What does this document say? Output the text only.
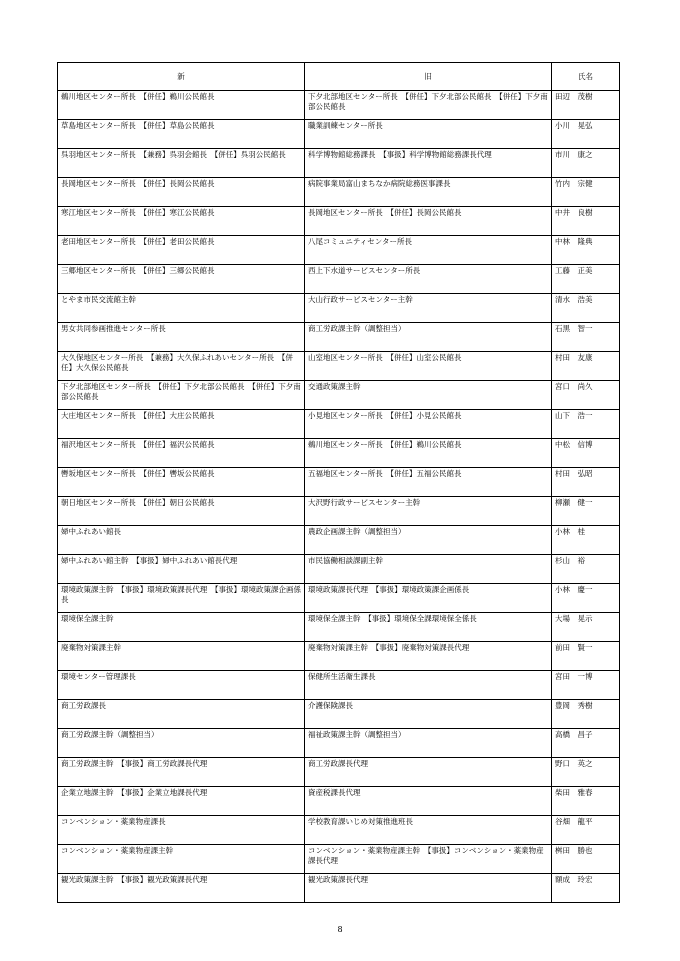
新	旧	氏名
鵜川地区センター所長　【併任】鵜川公民館長	下夕北部地区センター所長　【併任】下夕北部公民館長　【併任】下夕南部公民館長	田辺　茂樹
草島地区センター所長　【併任】草島公民館長	職業訓練センター所長	小川　晃弘
呉羽地区センター所長　【兼務】呉羽会館長　【併任】呉羽公民館長	科学博物館総務課長　【事扱】科学博物館総務課長代理	市川　康之
長岡地区センター所長　【併任】長岡公民館長	病院事業局富山まちなか病院総務医事課長	竹内　宗健
寒江地区センター所長　【併任】寒江公民館長	長岡地区センター所長　【併任】長岡公民館長	中井　良樹
老田地区センター所長　【併任】老田公民館長	八尾コミュニティセンター所長	中林　隆典
三郷地区センター所長　【併任】三郷公民館長	西上下水道サービスセンター所長	工藤　正美
とやま市民交流館主幹	大山行政サービスセンター主幹	清水　浩美
男女共同参画推進センター所長	商工労政課主幹（調整担当）	石黒　智一
大久保地区センター所長　【兼務】大久保ふれあいセンター所長　【併任】大久保公民館長	山室地区センター所長　【併任】山室公民館長	村田　友康
下夕北部地区センター所長　【併任】下夕北部公民館長　【併任】下夕南部公民館長	交通政策課主幹	宮口　尚久
大庄地区センター所長　【併任】大庄公民館長	小見地区センター所長　【併任】小見公民館長	山下　浩一
福沢地区センター所長　【併任】福沢公民館長	鵜川地区センター所長　【併任】鵜川公民館長	中松　信博
轡坂地区センター所長　【併任】轡坂公民館長	五福地区センター所長　【併任】五福公民館長	村田　弘昭
朝日地区センター所長　【併任】朝日公民館長	大沢野行政サービスセンター主幹	柳瀬　健一
婦中ふれあい館長	農政企画課主幹（調整担当）	小林　桂
婦中ふれあい館主幹　【事扱】婦中ふれあい館長代理	市民協働相談課副主幹	杉山　裕
環境政策課主幹　【事扱】環境政策課長代理　【事扱】環境政策課企画係長	環境政策課長代理　【事扱】環境政策課企画係長	小林　慶一
環境保全課主幹	環境保全課主幹　【事扱】環境保全課環境保全係長	大場　晃示
廃棄物対策課主幹	廃棄物対策課主幹　【事扱】廃棄物対策課長代理	前田　賢一
環境センター管理課長	保健所生活衛生課長	宮田　一博
商工労政課長	介護保険課長	豊岡　秀樹
商工労政課主幹（調整担当）	福祉政策課主幹（調整担当）	高橋　昌子
商工労政課主幹　【事扱】商工労政課長代理	商工労政課長代理	野口　英之
企業立地課主幹　【事扱】企業立地課長代理	資産税課長代理	柴田　雅春
コンベンション・薬業物産課長	学校教育課いじめ対策推進班長	谷畑　龍平
コンベンション・薬業物産課主幹	コンベンション・薬業物産課主幹　【事扱】コンベンション・薬業物産課長代理	桝田　勝也
観光政策課主幹　【事扱】観光政策課長代理	観光政策課長代理	額成　玲宏
8
